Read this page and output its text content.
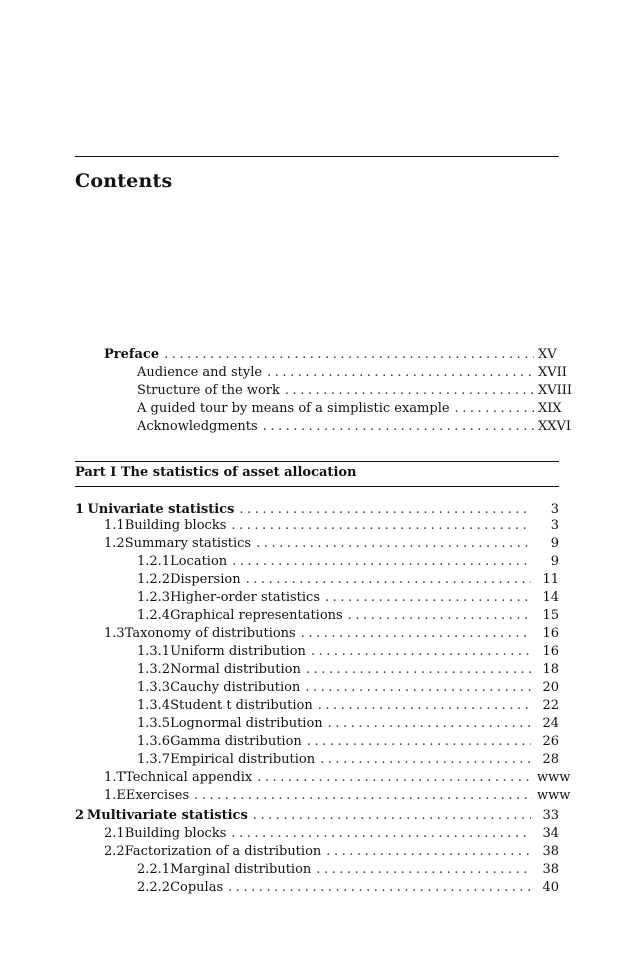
Contents
Preface . . .	XV
Audience and style . . .	XVII
Structure of the work . . .	XVIII
A guided tour by means of a simplistic example . . .	XIX
Acknowledgments . . .	XXVI
Part I The statistics of asset allocation
1 Univariate statistics . . .	3
1.1 Building blocks . . .	3
1.2 Summary statistics . . .	9
1.2.1 Location . . .	9
1.2.2 Dispersion . . .	11
1.2.3 Higher-order statistics . . .	14
1.2.4 Graphical representations . . .	15
1.3 Taxonomy of distributions . . .	16
1.3.1 Uniform distribution . . .	16
1.3.2 Normal distribution . . .	18
1.3.3 Cauchy distribution . . .	20
1.3.4 Student t distribution . . .	22
1.3.5 Lognormal distribution . . .	24
1.3.6 Gamma distribution . . .	26
1.3.7 Empirical distribution . . .	28
1.T Technical appendix . . .	www
1.E Exercises . . .	www
2 Multivariate statistics . . .	33
2.1 Building blocks . . .	34
2.2 Factorization of a distribution . . .	38
2.2.1 Marginal distribution . . .	38
2.2.2 Copulas . . .	40
